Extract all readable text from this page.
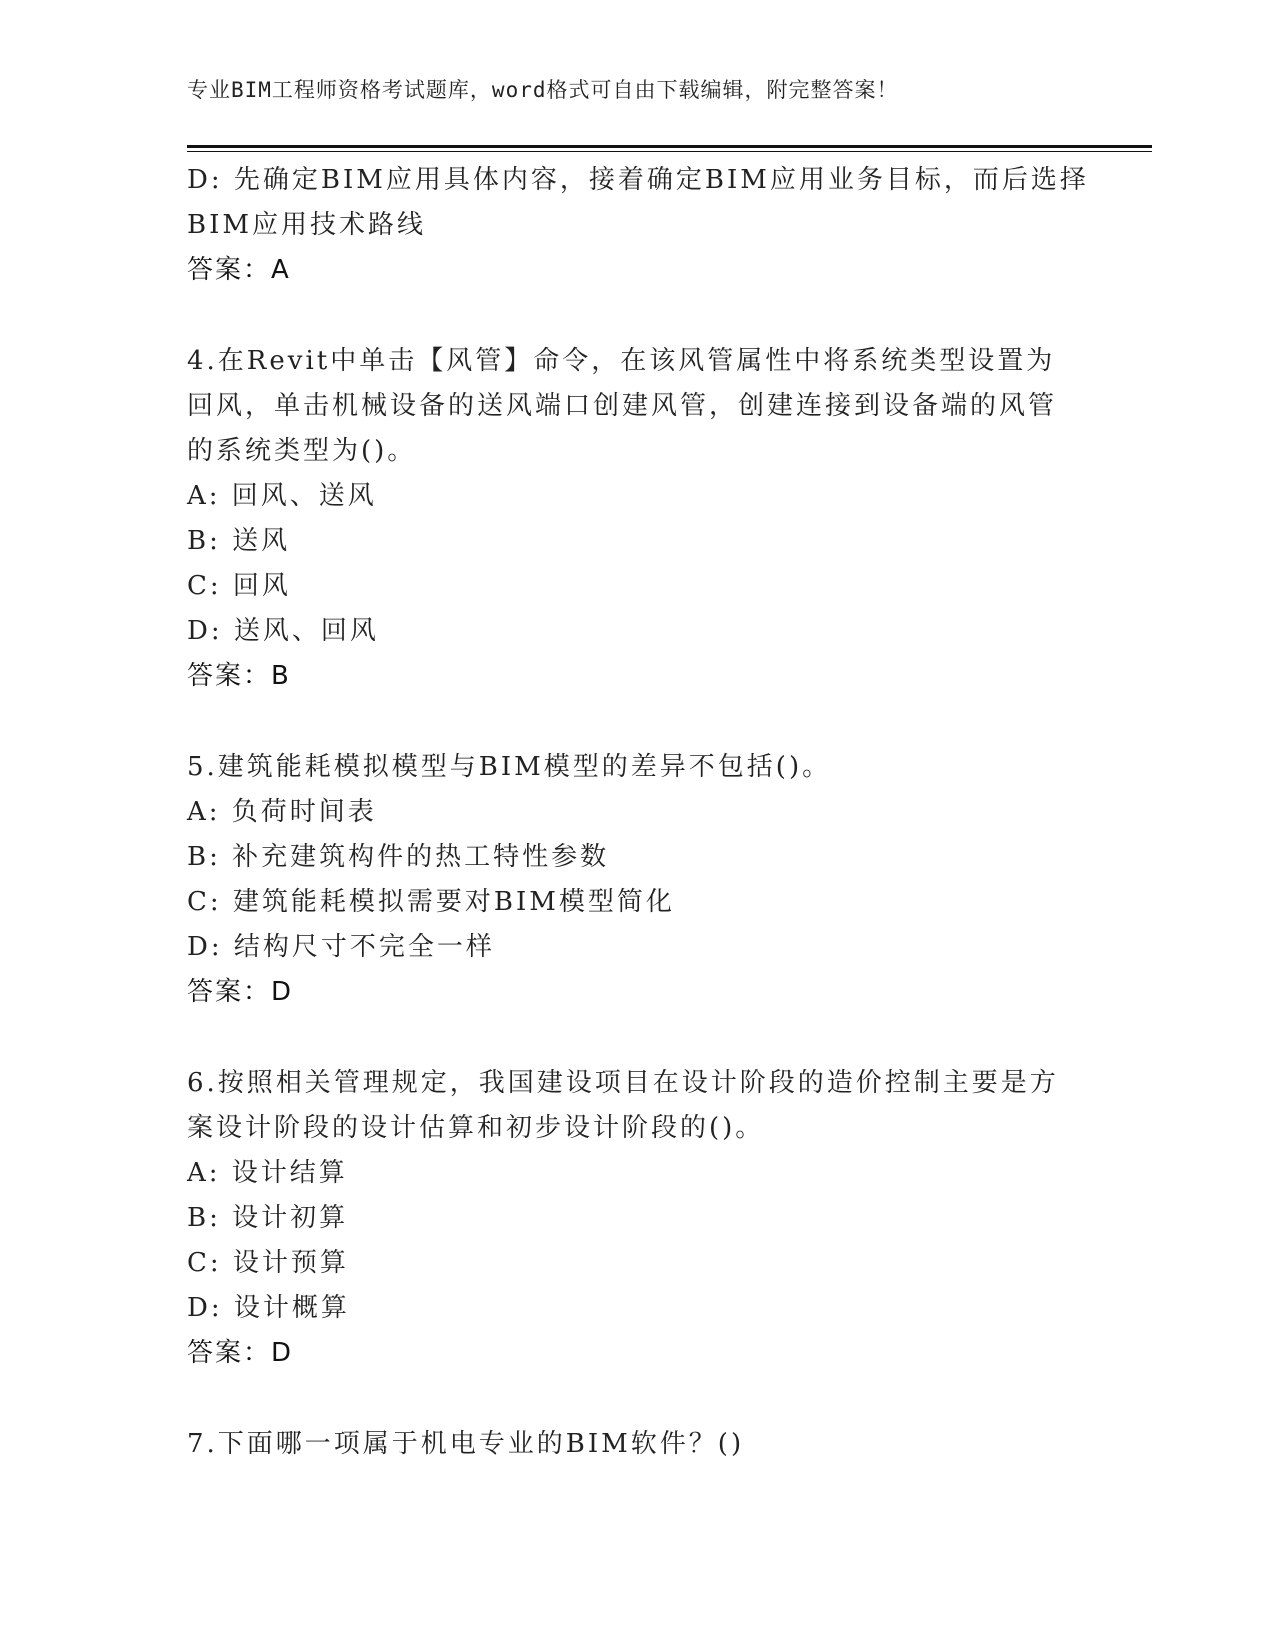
专业BIM工程师资格考试题库，word格式可自由下载编辑，附完整答案！
D: 先确定BIM应用具体内容，接着确定BIM应用业务目标，而后选择
BIM应用技术路线
答案：A
4.在Revit中单击【风管】命令，在该风管属性中将系统类型设置为
回风，单击机械设备的送风端口创建风管，创建连接到设备端的风管
的系统类型为()。
A: 回风、送风
B: 送风
C: 回风
D: 送风、回风
答案：B
5.建筑能耗模拟模型与BIM模型的差异不包括()。
A: 负荷时间表
B: 补充建筑构件的热工特性参数
C: 建筑能耗模拟需要对BIM模型简化
D: 结构尺寸不完全一样
答案：D
6.按照相关管理规定，我国建设项目在设计阶段的造价控制主要是方
案设计阶段的设计估算和初步设计阶段的()。
A: 设计结算
B: 设计初算
C: 设计预算
D: 设计概算
答案：D
7.下面哪一项属于机电专业的BIM软件？()
